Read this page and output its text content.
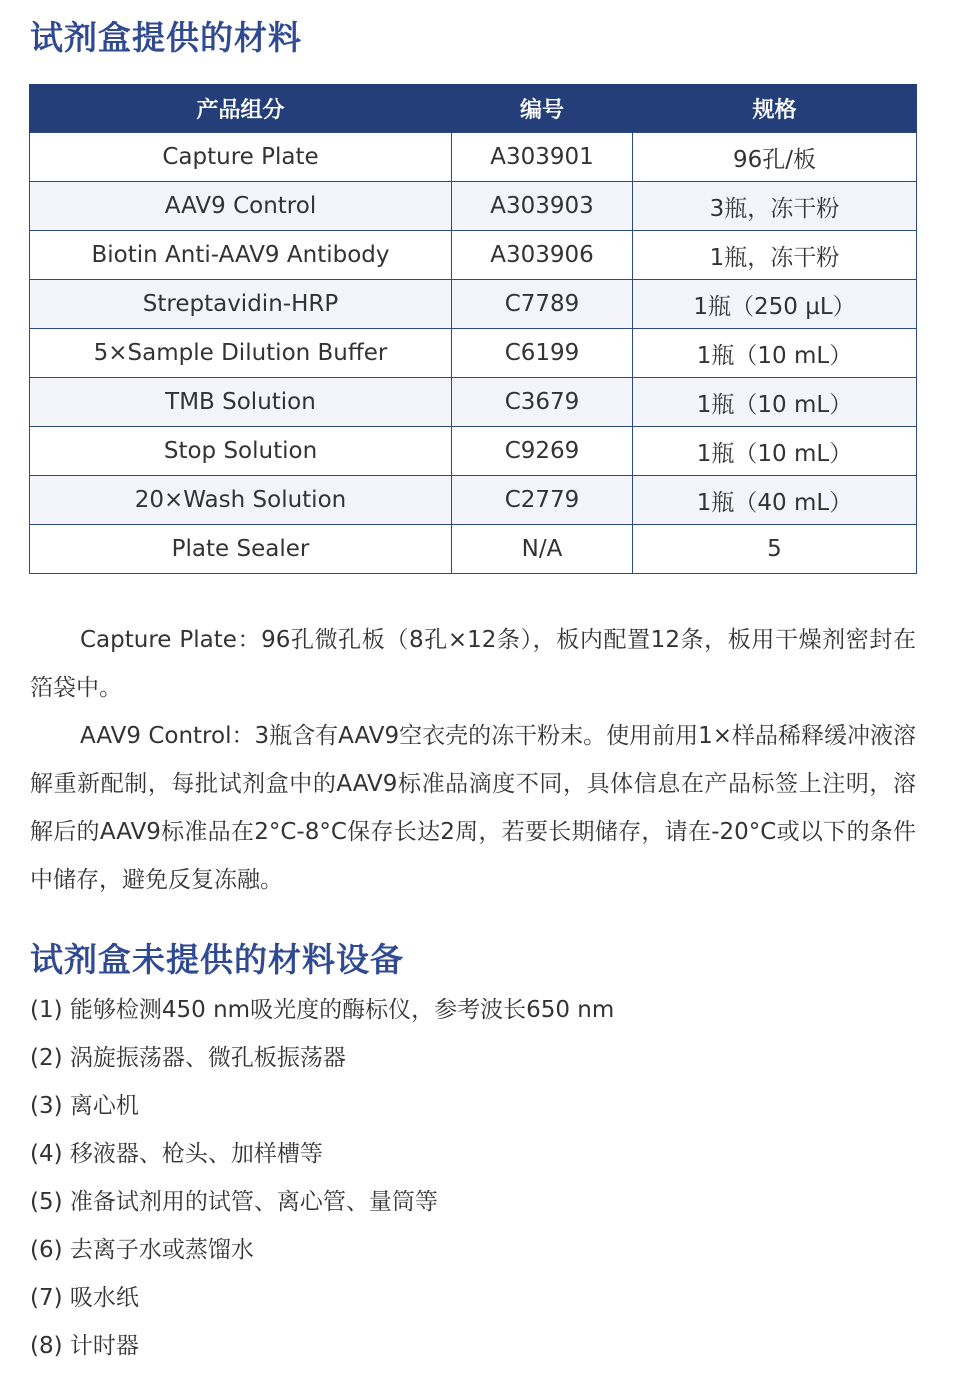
试剂盒提供的材料
产品组分	编号	规格
Capture Plate	A303901	96孔/板
AAV9 Control	A303903	3瓶，冻干粉
Biotin Anti-AAV9 Antibody	A303906	1瓶，冻干粉
Streptavidin-HRP	C7789	1瓶（250 µL）
5×Sample Dilution Buffer	C6199	1瓶（10 mL）
TMB Solution	C3679	1瓶（10 mL）
Stop Solution	C9269	1瓶（10 mL）
20×Wash Solution	C2779	1瓶（40 mL）
Plate Sealer	N/A	5

Capture Plate：96孔微孔板（8孔×12条），板内配置12条，板用干燥剂密封在箔袋中。

AAV9 Control：3瓶含有AAV9空衣壳的冻干粉末。使用前用1×样品稀释缓冲液溶解重新配制，每批试剂盒中的AAV9标准品滴度不同，具体信息在产品标签上注明，溶解后的AAV9标准品在2°C-8°C保存长达2周，若要长期储存，请在-20°C或以下的条件中储存，避免反复冻融。

试剂盒未提供的材料设备
(1) 能够检测450 nm吸光度的酶标仪，参考波长650 nm
(2) 涡旋振荡器、微孔板振荡器
(3) 离心机
(4) 移液器、枪头、加样槽等
(5) 准备试剂用的试管、离心管、量筒等
(6) 去离子水或蒸馏水
(7) 吸水纸
(8) 计时器
